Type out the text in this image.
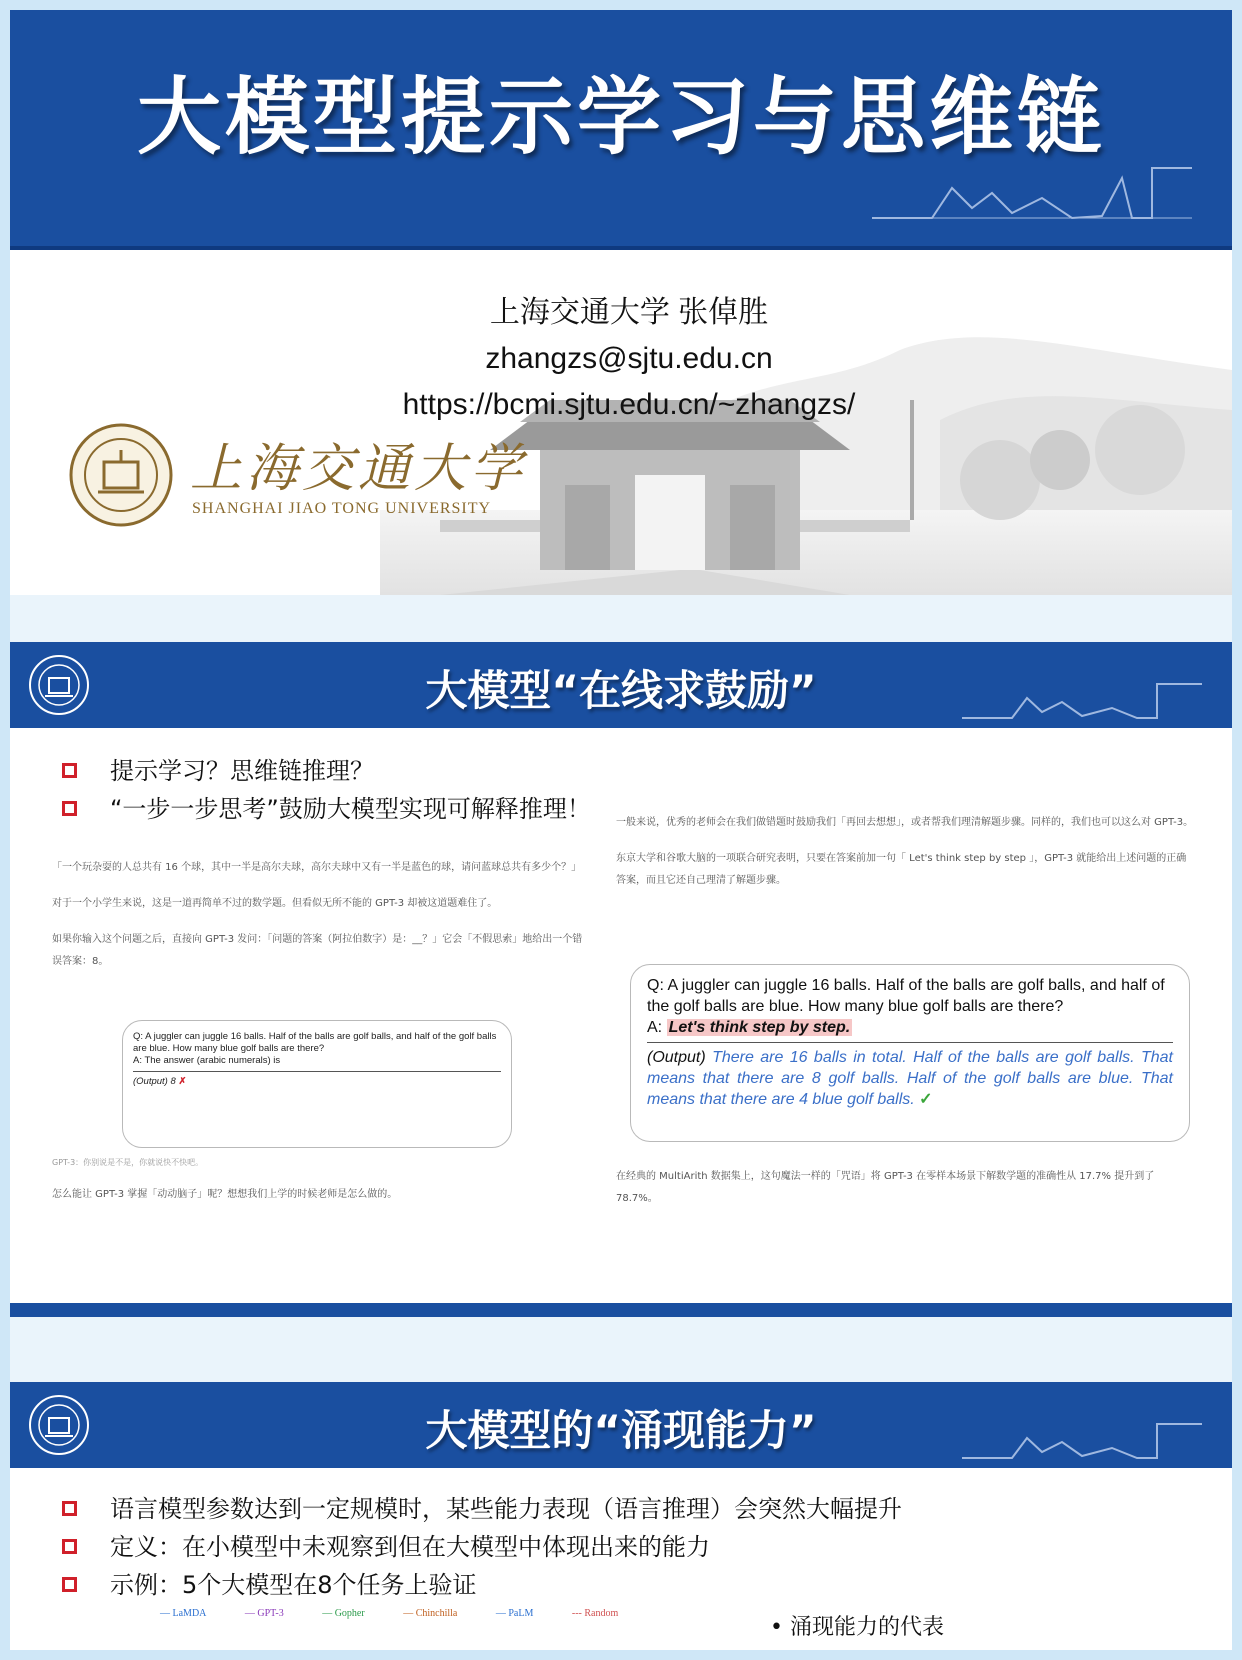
大模型提示学习与思维链
上海交通大学 张倬胜
zhangzs@sjtu.edu.cn
https://bcmi.sjtu.edu.cn/~zhangzs/
上海交通大学
SHANGHAI JIAO TONG UNIVERSITY
大模型“在线求鼓励”
提示学习？思维链推理？
“一步一步思考”鼓励大模型实现可解释推理！

「一个玩杂耍的人总共有 16 个球，其中一半是高尔夫球，高尔夫球中又有一半是蓝色的球，请问蓝球总共有多少个？」

对于一个小学生来说，这是一道再简单不过的数学题。但看似无所不能的 GPT-3 却被这道题难住了。

如果你输入这个问题之后，直接向 GPT-3 发问：「问题的答案（阿拉伯数字）是：__？」它会「不假思索」地给出一个错误答案：8。

Q: A juggler can juggle 16 balls. Half of the balls are golf balls, and half of the golf balls are blue. How many blue golf balls are there?
A: The answer (arabic numerals) is
(Output) 8 ✗
GPT-3：你别说是不是，你就说快不快吧。
怎么能让 GPT-3 掌握「动动脑子」呢？想想我们上学的时候老师是怎么做的。

一般来说，优秀的老师会在我们做错题时鼓励我们「再回去想想」，或者帮我们理清解题步骤。同样的，我们也可以这么对 GPT-3。

东京大学和谷歌大脑的一项联合研究表明，只要在答案前加一句「 Let's think step by step 」，GPT-3 就能给出上述问题的正确答案，而且它还自己理清了解题步骤。

Q: A juggler can juggle 16 balls. Half of the balls are golf balls, and half of the golf balls are blue. How many blue golf balls are there?
A: Let's think step by step.
(Output) There are 16 balls in total. Half of the balls are golf balls. That means that there are 8 golf balls. Half of the golf balls are blue. That means that there are 4 blue golf balls. ✓
在经典的 MultiArith 数据集上，这句魔法一样的「咒语」将 GPT-3 在零样本场景下解数学题的准确性从 17.7% 提升到了 78.7%。
大模型的“涌现能力”
语言模型参数达到一定规模时，某些能力表现（语言推理）会突然大幅提升
定义：在小模型中未观察到但在大模型中体现出来的能力
示例：5个大模型在8个任务上验证
— LaMDA	— GPT-3	— Gopher	— Chinchilla	— PaLM	--- Random
• 涌现能力的代表
